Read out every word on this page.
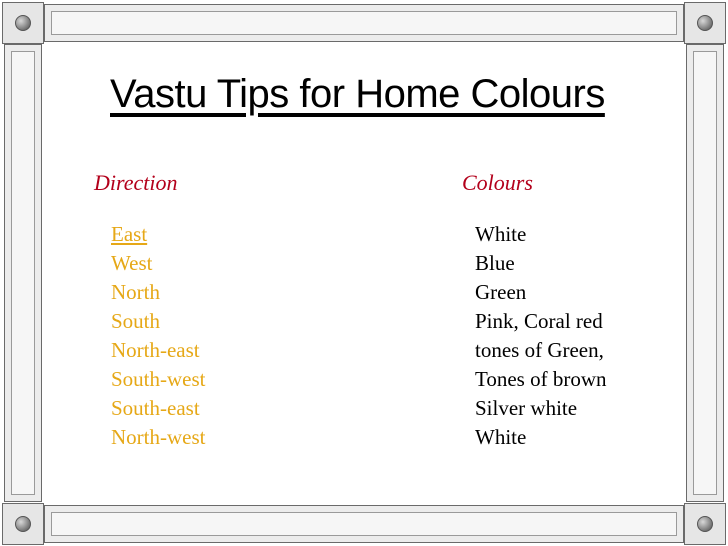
Vastu Tips for Home Colours
Direction	Colours
East
West
North
South
North-east
South-west
South-east
North-west
White
Blue
Green
Pink, Coral red
tones of Green,
Tones of brown
Silver white
White
